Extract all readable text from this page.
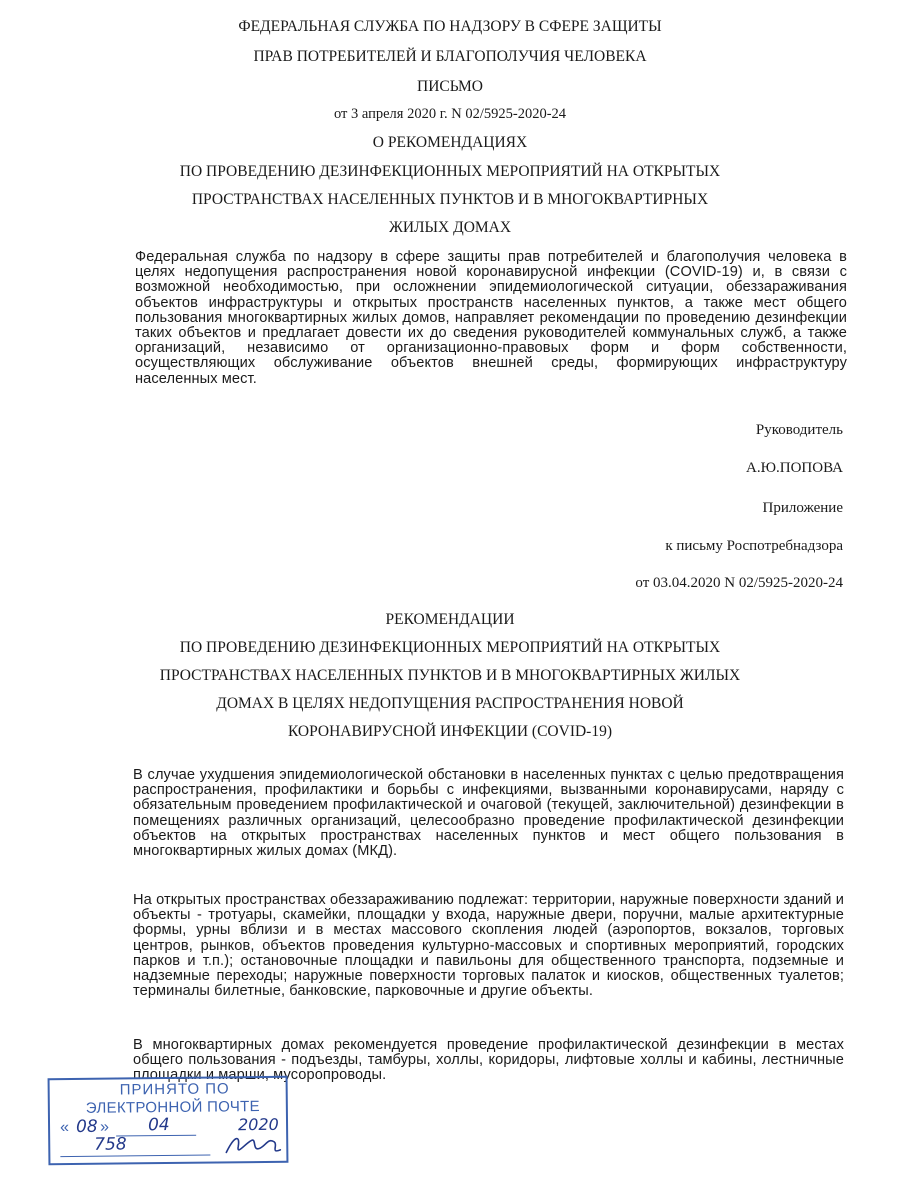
ФЕДЕРАЛЬНАЯ СЛУЖБА ПО НАДЗОРУ В СФЕРЕ ЗАЩИТЫ

ПРАВ ПОТРЕБИТЕЛЕЙ И БЛАГОПОЛУЧИЯ ЧЕЛОВЕКА

ПИСЬМО

от 3 апреля 2020 г. N 02/5925-2020-24

О РЕКОМЕНДАЦИЯХ

ПО ПРОВЕДЕНИЮ ДЕЗИНФЕКЦИОННЫХ МЕРОПРИЯТИЙ НА ОТКРЫТЫХ

ПРОСТРАНСТВАХ НАСЕЛЕННЫХ ПУНКТОВ И В МНОГОКВАРТИРНЫХ

ЖИЛЫХ ДОМАХ

Федеральная служба по надзору в сфере защиты прав потребителей и благополучия человека в целях недопущения распространения новой коронавирусной инфекции (COVID-19) и, в связи с возможной необходимостью, при осложнении эпидемиологической ситуации, обеззараживания объектов инфраструктуры и открытых пространств населенных пунктов, а также мест общего пользования многоквартирных жилых домов, направляет рекомендации по проведению дезинфекции таких объектов и предлагает довести их до сведения руководителей коммунальных служб, а также организаций, независимо от организационно-правовых форм и форм собственности, осуществляющих обслуживание объектов внешней среды, формирующих инфраструктуру населенных мест.

Руководитель

А.Ю.ПОПОВА

Приложение

к письму Роспотребнадзора

от 03.04.2020 N 02/5925-2020-24

РЕКОМЕНДАЦИИ

ПО ПРОВЕДЕНИЮ ДЕЗИНФЕКЦИОННЫХ МЕРОПРИЯТИЙ НА ОТКРЫТЫХ

ПРОСТРАНСТВАХ НАСЕЛЕННЫХ ПУНКТОВ И В МНОГОКВАРТИРНЫХ ЖИЛЫХ

ДОМАХ В ЦЕЛЯХ НЕДОПУЩЕНИЯ РАСПРОСТРАНЕНИЯ НОВОЙ

КОРОНАВИРУСНОЙ ИНФЕКЦИИ (COVID-19)

В случае ухудшения эпидемиологической обстановки в населенных пунктах с целью предотвращения распространения, профилактики и борьбы с инфекциями, вызванными коронавирусами, наряду с обязательным проведением профилактической и очаговой (текущей, заключительной) дезинфекции в помещениях различных организаций, целесообразно проведение профилактической дезинфекции объектов на открытых пространствах населенных пунктов и мест общего пользования в многоквартирных жилых домах (МКД).

На открытых пространствах обеззараживанию подлежат: территории, наружные поверхности зданий и объекты - тротуары, скамейки, площадки у входа, наружные двери, поручни, малые архитектурные формы, урны вблизи и в местах массового скопления людей (аэропортов, вокзалов, торговых центров, рынков, объектов проведения культурно-массовых и спортивных мероприятий, городских парков и т.п.); остановочные площадки и павильоны для общественного транспорта, подземные и надземные переходы; наружные поверхности торговых палаток и киосков, общественных туалетов; терминалы билетные, банковские, парковочные и другие объекты.

В многоквартирных домах рекомендуется проведение профилактической дезинфекции в местах общего пользования - подъезды, тамбуры, холлы, коридоры, лифтовые холлы и кабины, лестничные площадки и марши, мусоропроводы.

ПРИНЯТО ПО
ЭЛЕКТРОННОЙ ПОЧТЕ
« 08 » 04	2020
758
